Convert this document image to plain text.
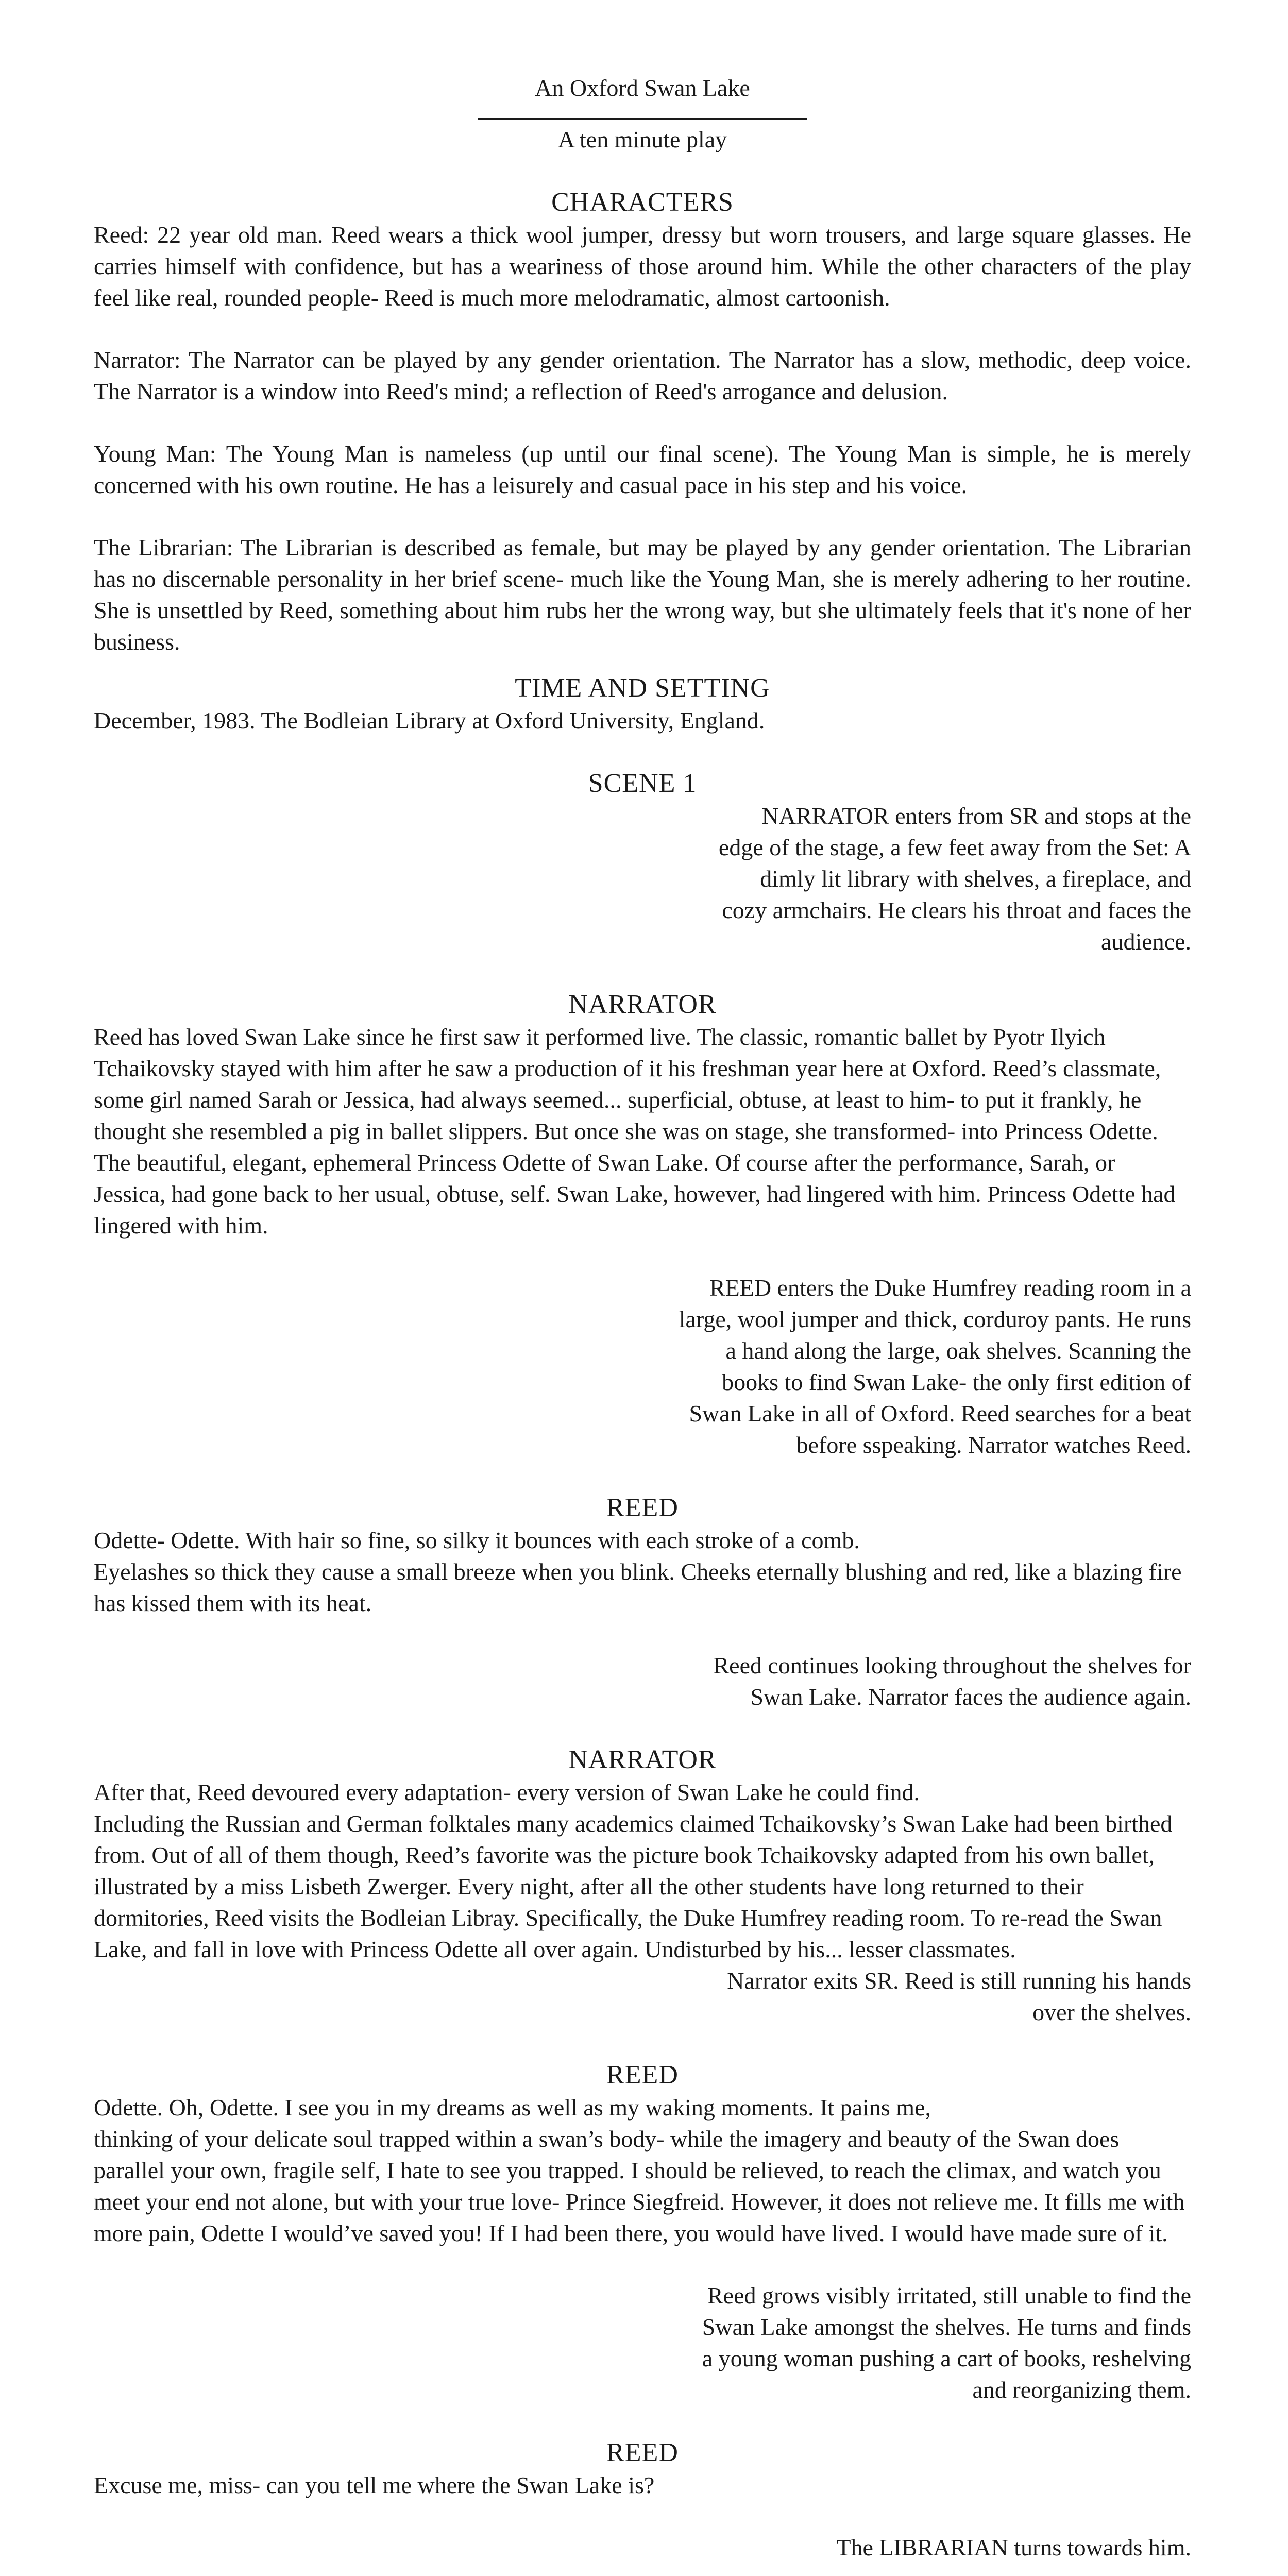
An Oxford Swan Lake

A ten minute play

CHARACTERS

Reed: 22 year old man. Reed wears a thick wool jumper, dressy but worn trousers, and large square glasses. He carries himself with confidence, but has a weariness of those around him. While the other characters of the play feel like real, rounded people- Reed is much more melodramatic, almost cartoonish.

Narrator: The Narrator can be played by any gender orientation. The Narrator has a slow, methodic, deep voice. The Narrator is a window into Reed's mind; a reflection of Reed's arrogance and delusion.

Young Man: The Young Man is nameless (up until our final scene). The Young Man is simple, he is merely concerned with his own routine. He has a leisurely and casual pace in his step and his voice.

The Librarian: The Librarian is described as female, but may be played by any gender orientation. The Librarian has no discernable personality in her brief scene- much like the Young Man, she is merely adhering to her routine. She is unsettled by Reed, something about him rubs her the wrong way, but she ultimately feels that it's none of her business.

TIME AND SETTING

December, 1983. The Bodleian Library at Oxford University, England.

SCENE 1

NARRATOR enters from SR and stops at the edge of the stage, a few feet away from the Set: A dimly lit library with shelves, a fireplace, and cozy armchairs. He clears his throat and faces the audience.

NARRATOR

Reed has loved Swan Lake since he first saw it performed live. The classic, romantic ballet by Pyotr Ilyich Tchaikovsky stayed with him after he saw a production of it his freshman year here at Oxford. Reed’s classmate, some girl named Sarah or Jessica, had always seemed... superficial, obtuse, at least to him- to put it frankly, he thought she resembled a pig in ballet slippers. But once she was on stage, she transformed- into Princess Odette. The beautiful, elegant, ephemeral Princess Odette of Swan Lake. Of course after the performance, Sarah, or Jessica, had gone back to her usual, obtuse, self. Swan Lake, however, had lingered with him. Princess Odette had lingered with him.

REED enters the Duke Humfrey reading room in a large, wool jumper and thick, corduroy pants. He runs a hand along the large, oak shelves. Scanning the books to find Swan Lake- the only first edition of Swan Lake in all of Oxford. Reed searches for a beat before sspeaking. Narrator watches Reed.

REED

Odette- Odette. With hair so fine, so silky it bounces with each stroke of a comb.

Eyelashes so thick they cause a small breeze when you blink. Cheeks eternally blushing and red, like a blazing fire has kissed them with its heat.

Reed continues looking throughout the shelves for Swan Lake. Narrator faces the audience again.

NARRATOR

After that, Reed devoured every adaptation- every version of Swan Lake he could find.

Including the Russian and German folktales many academics claimed Tchaikovsky’s Swan Lake had been birthed from. Out of all of them though, Reed’s favorite was the picture book Tchaikovsky adapted from his own ballet, illustrated by a miss Lisbeth Zwerger. Every night, after all the other students have long returned to their dormitories, Reed visits the Bodleian Libray. Specifically, the Duke Humfrey reading room. To re-read the Swan Lake, and fall in love with Princess Odette all over again. Undisturbed by his... lesser classmates.

Narrator exits SR. Reed is still running his hands over the shelves.

REED

Odette. Oh, Odette. I see you in my dreams as well as my waking moments. It pains me,

thinking of your delicate soul trapped within a swan’s body- while the imagery and beauty of the Swan does parallel your own, fragile self, I hate to see you trapped. I should be relieved, to reach the climax, and watch you meet your end not alone, but with your true love- Prince Siegfreid. However, it does not relieve me. It fills me with more pain, Odette I would’ve saved you! If I had been there, you would have lived. I would have made sure of it.

Reed grows visibly irritated, still unable to find the Swan Lake amongst the shelves. He turns and finds a young woman pushing a cart of books, reshelving and reorganizing them.

REED

Excuse me, miss- can you tell me where the Swan Lake is?

The LIBRARIAN turns towards him.
